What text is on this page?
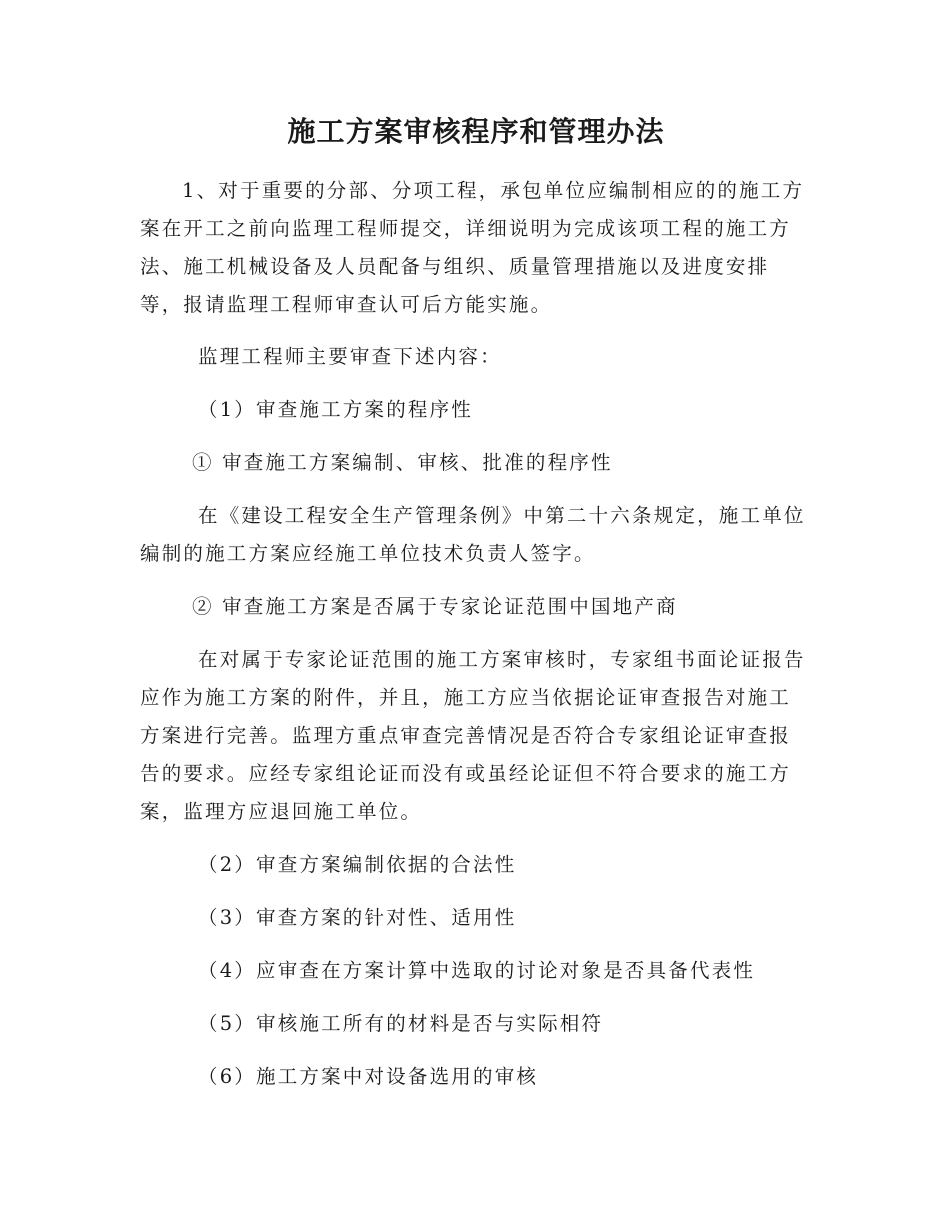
施工方案审核程序和管理办法

1、对于重要的分部、分项工程，承包单位应编制相应的的施工方案在开工之前向监理工程师提交，详细说明为完成该项工程的施工方法、施工机械设备及人员配备与组织、质量管理措施以及进度安排等，报请监理工程师审查认可后方能实施。

监理工程师主要审查下述内容：

（1）审查施工方案的程序性

① 审查施工方案编制、审核、批准的程序性

在《建设工程安全生产管理条例》中第二十六条规定，施工单位编制的施工方案应经施工单位技术负责人签字。

② 审查施工方案是否属于专家论证范围中国地产商

在对属于专家论证范围的施工方案审核时，专家组书面论证报告应作为施工方案的附件，并且，施工方应当依据论证审查报告对施工方案进行完善。监理方重点审查完善情况是否符合专家组论证审查报告的要求。应经专家组论证而没有或虽经论证但不符合要求的施工方案，监理方应退回施工单位。

（2）审查方案编制依据的合法性

（3）审查方案的针对性、适用性

（4）应审查在方案计算中选取的讨论对象是否具备代表性

（5）审核施工所有的材料是否与实际相符

（6）施工方案中对设备选用的审核
